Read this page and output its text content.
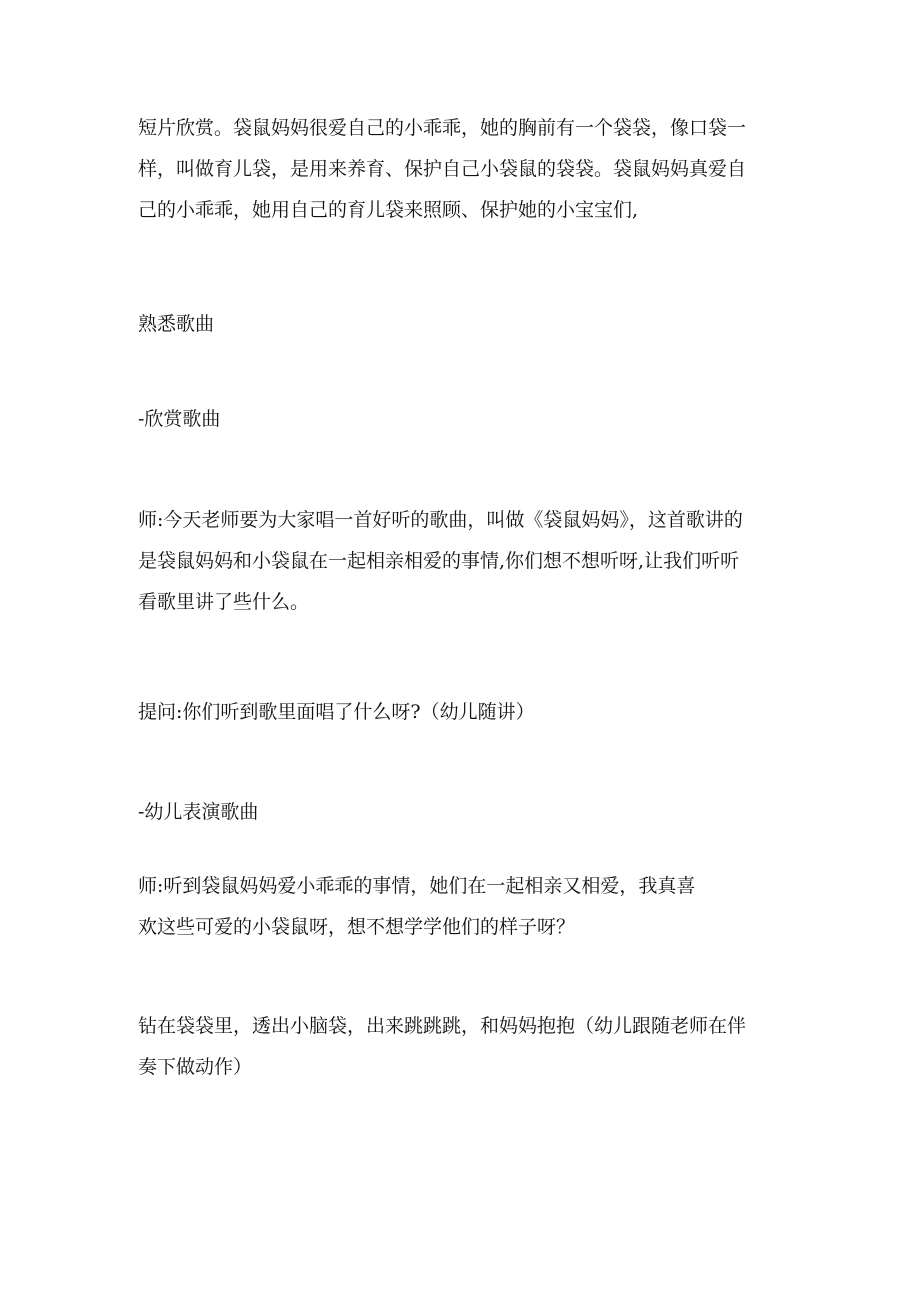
短片欣赏。袋鼠妈妈很爱自己的小乖乖，她的胸前有一个袋袋，像口袋一
样，叫做育儿袋，是用来养育、保护自己小袋鼠的袋袋。袋鼠妈妈真爱自
己的小乖乖，她用自己的育儿袋来照顾、保护她的小宝宝们,

熟悉歌曲

-欣赏歌曲

师:今天老师要为大家唱一首好听的歌曲，叫做《袋鼠妈妈》，这首歌讲的
是袋鼠妈妈和小袋鼠在一起相亲相爱的事情,你们想不想听呀,让我们听听
看歌里讲了些什么。

提问:你们听到歌里面唱了什么呀?（幼儿随讲）

-幼儿表演歌曲

师:听到袋鼠妈妈爱小乖乖的事情，她们在一起相亲又相爱，我真喜
欢这些可爱的小袋鼠呀，想不想学学他们的样子呀？

钻在袋袋里，透出小脑袋，出来跳跳跳，和妈妈抱抱（幼儿跟随老师在伴
奏下做动作）
